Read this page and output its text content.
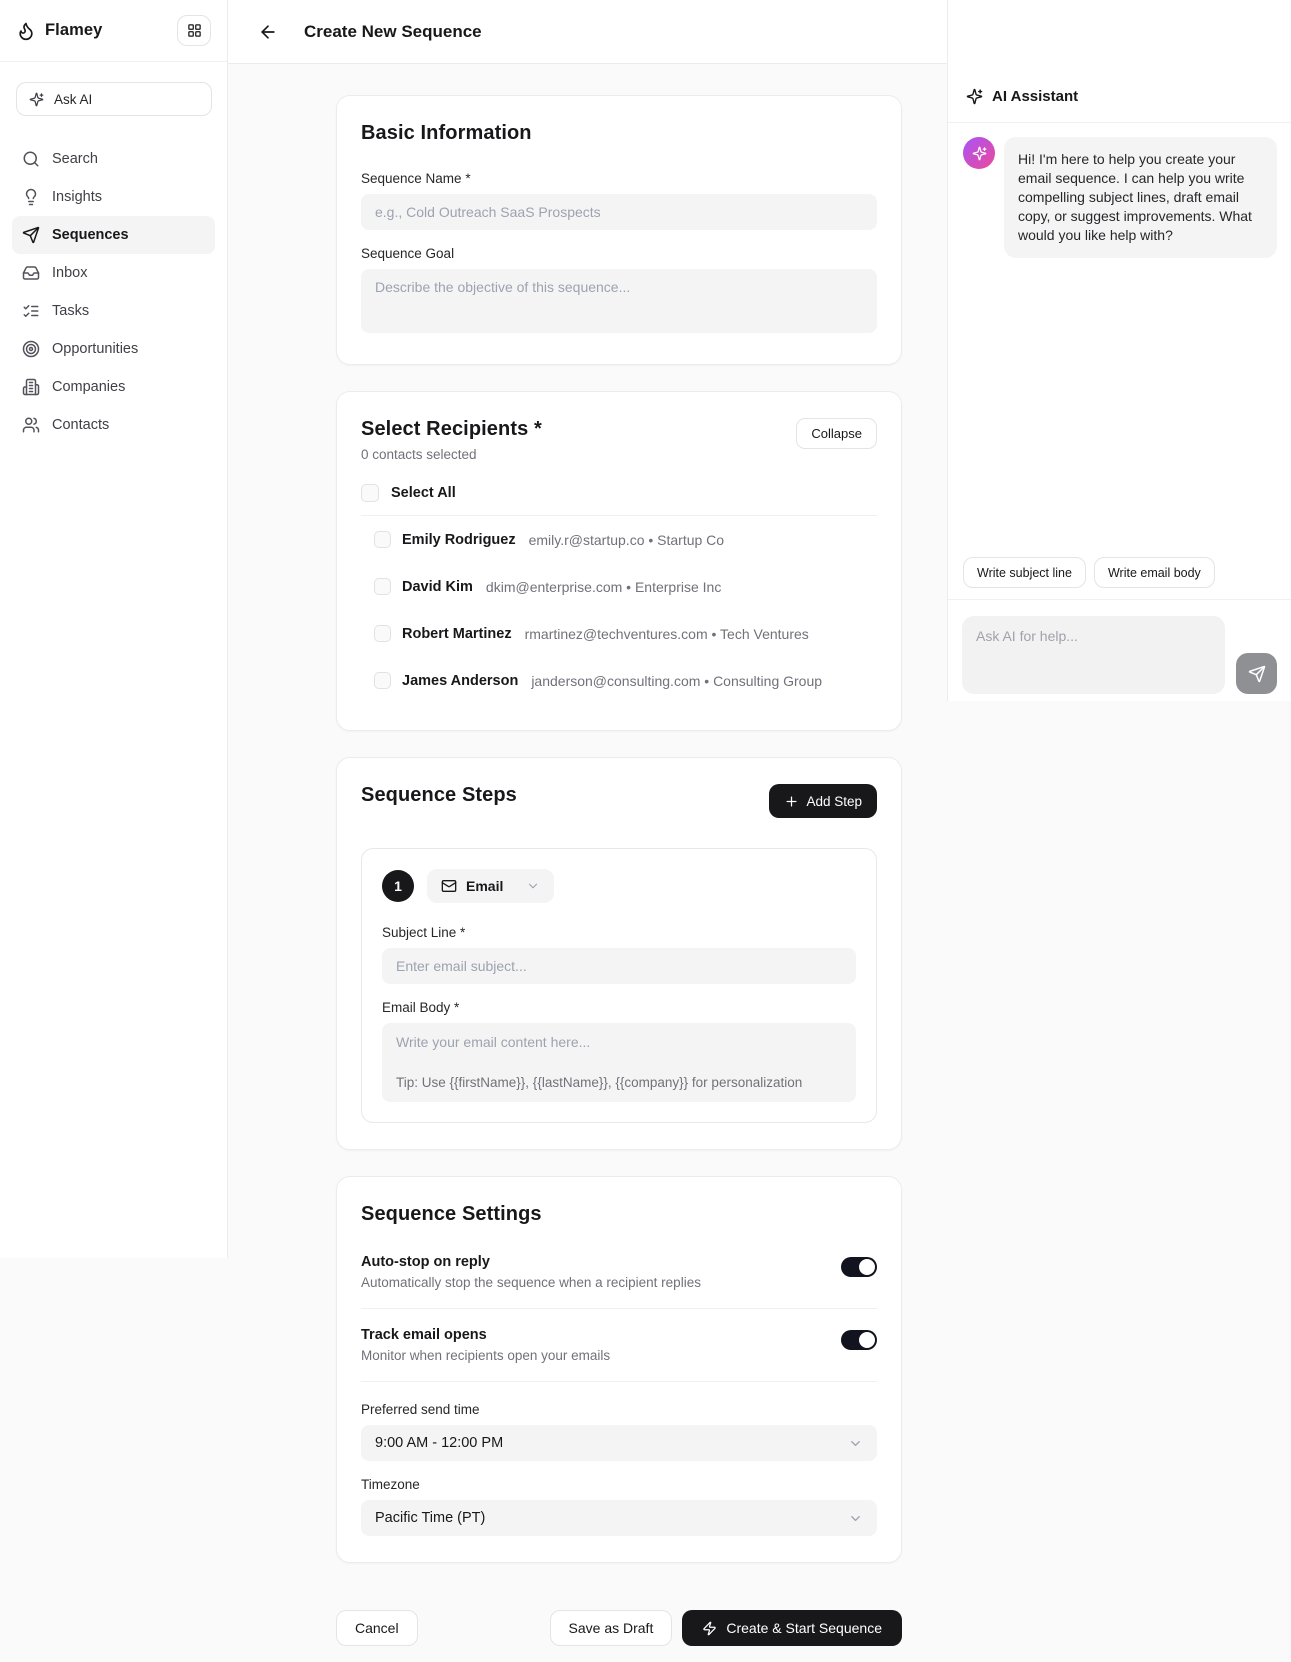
Flamey
Ask AI
Search
Insights
Sequences
Inbox
Tasks
Opportunities
Companies
Contacts
Create New Sequence
Basic Information
Sequence Name *
e.g., Cold Outreach SaaS Prospects
Sequence Goal
Describe the objective of this sequence...
Select Recipients *
0 contacts selected
Collapse
Select All
Emily Rodriguez emily.r@startup.co • Startup Co
David Kim dkim@enterprise.com • Enterprise Inc
Robert Martinez rmartinez@techventures.com • Tech Ventures
James Anderson janderson@consulting.com • Consulting Group
Sequence Steps	Add Step
1	Email
Subject Line *
Enter email subject...
Email Body *
Write your email content here...
Tip: Use {{firstName}}, {{lastName}}, {{company}} for personalization
Sequence Settings
Auto-stop on reply
Automatically stop the sequence when a recipient replies
Track email opens
Monitor when recipients open your emails
Preferred send time
9:00 AM - 12:00 PM
Timezone
Pacific Time (PT)
Cancel	Save as Draft	Create & Start Sequence
AI Assistant
Hi! I'm here to help you create your email sequence. I can help you write compelling subject lines, draft email copy, or suggest improvements. What would you like help with?
Write subject line	Write email body
Ask AI for help...
